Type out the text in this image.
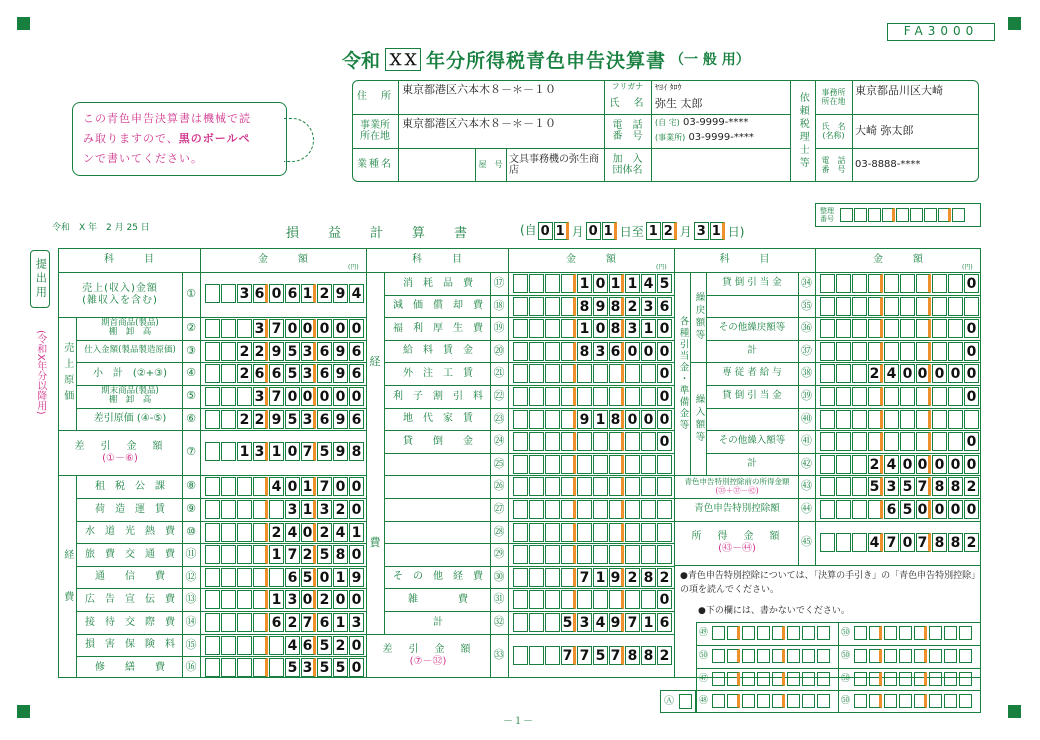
FA3000
令和 ＸＸ 年分所得税青色申告決算書 （一 般 用）
この青色申告決算書は機械で読
み取りますので、黒のボールペ
ンで書いてください。
住　所
東京都港区六本木８－＊－１０	フリガナ
氏　名
ﾔﾖｲ ﾀﾛｳ
弥生 太郎
事業所
所在地
東京都港区六本木８－＊－１０	電　話
番　号
(自 宅) 03-9999-****
(事業所) 03-9999-****
業種名	屋　号
文具事務機の弥生商店
加　入
団体名
依頼税理士等	事務所
所在地
東京都品川区大崎
氏　名
(名称) 大崎 弥太郎
電　話
番　号 03-8888-****
令和　X 年　2 月 25 日	損　益　計　算　書	(自 0 1 月 0 1 日至 1 2 月 3 1 日)
整理
番号
提出用
(令和X年分以降用)
科　　　目	金　　　額
(円)
科　　　目	金　　　額
(円)
科　　　目	金　　　額
(円)
－１－
売上(収入)金額
(雑収入を含む)	①	3 6 0 6 1 2 9 4
期首商品(製品)
棚　卸　高	②	3 7 0 0 0 0 0
仕入金額(製品製造原価) ③	2 2 9 5 3 6 9 6
小　計　(②+③)	④	2 6 6 5 3 6 9 6
期末商品(製品)
棚　卸　高	⑤	3 7 0 0 0 0 0
差引原価 (④-⑤)	⑥	2 2 9 5 3 6 9 6
売上原価
差　引　金　額
(①－⑥)	⑦	1 3 1 0 7 5 9 8
租　税　公　課	⑧	4 0 1 7 0 0
荷　造　運　賃	⑨	3 1 3 2 0
水　道　光　熱　費	⑩	2 4 0 2 4 1
旅　費　交　通　費 ⑪	1 7 2 5 8 0
通　　信　　費	⑫	6 5 0 1 9
広　告　宣　伝　費 ⑬	1 3 0 2 0 0
接　待　交　際　費 ⑭	6 2 7 6 1 3
損　害　保　険　料 ⑮	4 6 5 2 0
修　　繕　　費	⑯	5 3 5 5 0
経　　費
経
費
消　耗　品　費	⑰	1 0 1 1 4 5
減　価　償　却　費 ⑱	8 9 8 2 3 6
福　利　厚　生　費 ⑲	1 0 8 3 1 0
給　料　賃　金	⑳	8 3 6 0 0 0
外　注　工　賃	㉑	0
利　子　割　引　料 ㉒	0
地　代　家　賃	㉓	9 1 8 0 0 0
貸　　倒　　金	㉔	0
㉕
㉖
㉗
㉘
㉙
そ　の　他　経　費 ㉚	7 1 9 2 8 2
雑　　　　費	㉛	0
計	㉜	5 3 4 9 7 1 6
差　引　金　額
(⑦－㉜)	㉝	7 7 5 7 8 8 2
貸 倒 引 当 金	㉞	0
㉟
その他繰戻額等	㊱	0
計	㊲	0
専 従 者 給 与	㊳	2 4 0 0 0 0 0
貸 倒 引 当 金	㊴	0
㊵
その他繰入額等	㊶	0
計	㊷	2 4 0 0 0 0 0
各種引当金・準備金等 繰戻額等
繰入額等
青色申告特別控除前の所得金額
(㉝＋㊲－㊷)	㊸	5 3 5 7 8 8 2
青色申告特別控除額	㊹	6 5 0 0 0 0
所　得　金　額
(㊸－㊹)	㊺	4 7 0 7 8 8 2
●青色申告特別控除については、「決算の手引き」の「青色申告特別控除」の項を読んでください。
●下の欄には、書かないでください。
㊾	㊿
㊿	㊿
㊼	㊿
㊽	㊿
Ⓐ
